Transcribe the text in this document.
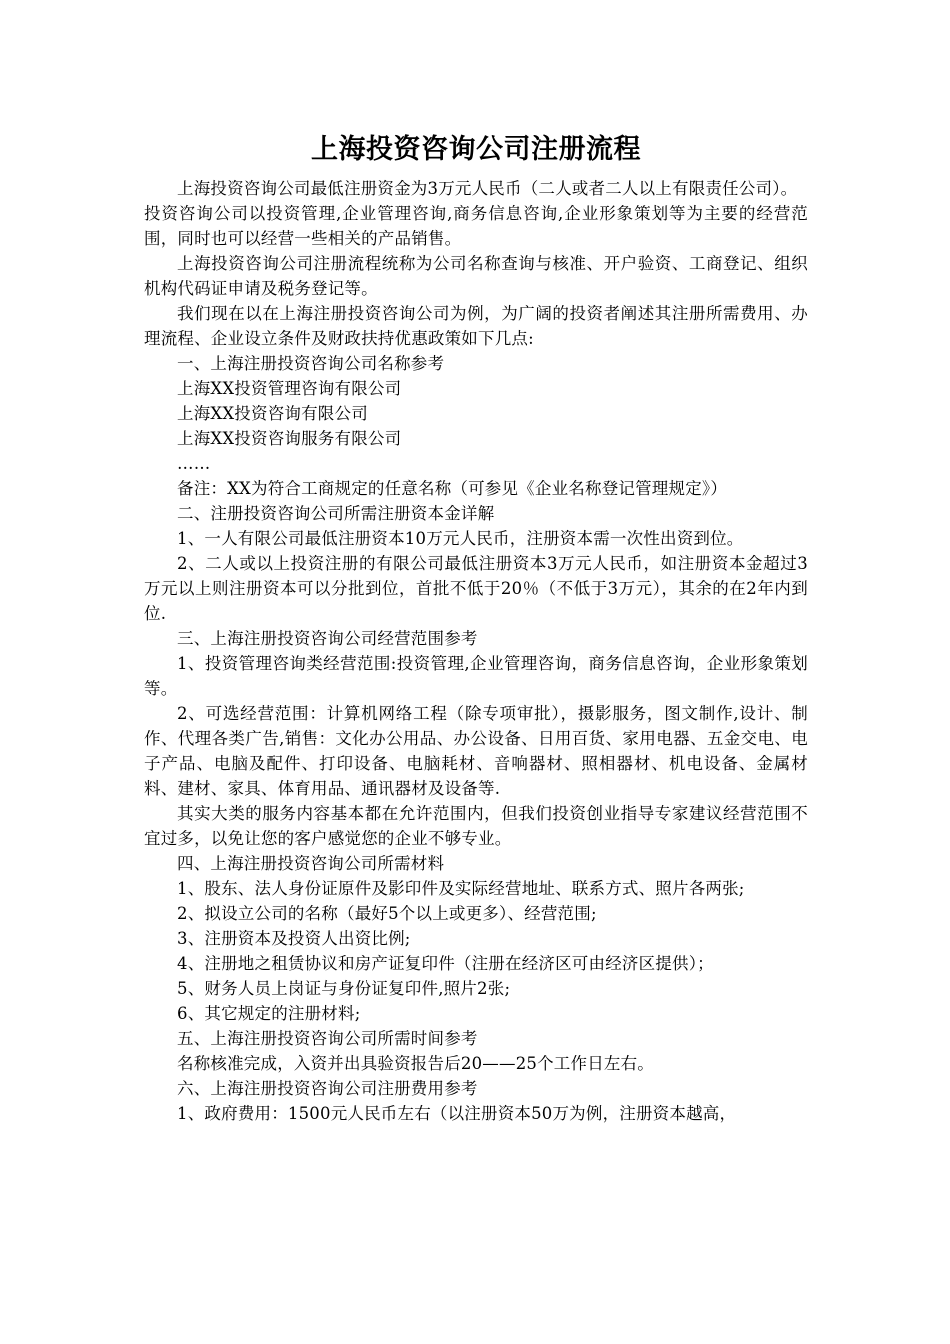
上海投资咨询公司注册流程

上海投资咨询公司最低注册资金为3万元人民币（二人或者二人以上有限责任公司）。

投资咨询公司以投资管理,企业管理咨询,商务信息咨询,企业形象策划等为主要的经营范围，同时也可以经营一些相关的产品销售。

上海投资咨询公司注册流程统称为公司名称查询与核准、开户验资、工商登记、组织机构代码证申请及税务登记等。

我们现在以在上海注册投资咨询公司为例，为广阔的投资者阐述其注册所需费用、办理流程、企业设立条件及财政扶持优惠政策如下几点:

一、上海注册投资咨询公司名称参考

上海XX投资管理咨询有限公司

上海XX投资咨询有限公司

上海XX投资咨询服务有限公司

……

备注：XX为符合工商规定的任意名称（可参见《企业名称登记管理规定》）

二、注册投资咨询公司所需注册资本金详解

1、一人有限公司最低注册资本10万元人民币，注册资本需一次性出资到位。

2、二人或以上投资注册的有限公司最低注册资本3万元人民币，如注册资本金超过3万元以上则注册资本可以分批到位，首批不低于20％（不低于3万元），其余的在2年内到位.

三、上海注册投资咨询公司经营范围参考

1、投资管理咨询类经营范围:投资管理,企业管理咨询，商务信息咨询，企业形象策划等。

2、可选经营范围：计算机网络工程（除专项审批），摄影服务，图文制作,设计、制作、代理各类广告,销售：文化办公用品、办公设备、日用百货、家用电器、五金交电、电子产品、电脑及配件、打印设备、电脑耗材、音响器材、照相器材、机电设备、金属材料、建材、家具、体育用品、通讯器材及设备等.

其实大类的服务内容基本都在允许范围内，但我们投资创业指导专家建议经营范围不宜过多，以免让您的客户感觉您的企业不够专业。

四、上海注册投资咨询公司所需材料

1、股东、法人身份证原件及影印件及实际经营地址、联系方式、照片各两张;

2、拟设立公司的名称（最好5个以上或更多）、经营范围;

3、注册资本及投资人出资比例;

4、注册地之租赁协议和房产证复印件（注册在经济区可由经济区提供）；

5、财务人员上岗证与身份证复印件,照片2张;

6、其它规定的注册材料;

五、上海注册投资咨询公司所需时间参考

名称核准完成，入资并出具验资报告后20——25个工作日左右。

六、上海注册投资咨询公司注册费用参考

1、政府费用：1500元人民币左右（以注册资本50万为例，注册资本越高，
